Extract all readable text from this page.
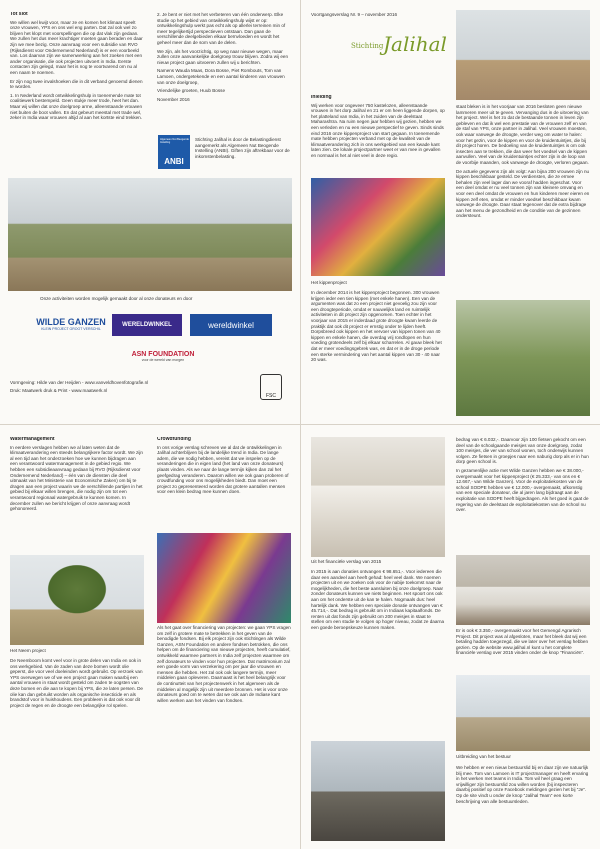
Tot slot

We willen wel kwijt voor, maar ze en komen het klimaat speelt onze vrouwen, YPS en ons wel eng parten. Dat zal ook wel zo blijven het klopt met voorspellingen die op dat vlak zijn gedaan. We zullen het dus meer krachtiger moeten gaan beraden en daar zijn we mee bezig. Onze aanvraag voor een subsidie van RVO (Rijksdienst voor Ondernemend Nederland) is er een voorbeeld van. Los daarvan zijn we samenwerking aan het zoeken met een ander organisatie, die ook projecten uitvoert in India. Eerste contacten zijn gelegd, maar het is nog te voortvarend om nu al een naam te noemen.

Er zijn nog twee invalshoeken die in dit verband genoemd dienen te worden.

1. In Nederland wordt ontwikkelingshulp in toenemende mate tot coalitiewerk bestempeld. Geen stukje meer trode, heet het dan. Maar wij willen dat onze doelgroep arme, alleenstaande vrouwen niet buiten de boot vallen. En dat gebeurt meestal met trade wel, zeker in India waar vrouwen altijd al aan het kortste eind trekken.

2. Je bent er niet met het verbeteren van één onderwerp. Elke studie op het gebied van ontwikkelingshulp wijst er op: ontwikkelingshulp werkt pas echt als op allerlei terreinen min of meer tegelijkertijd perspectieven ontstaan. Dan gaan de verschillende deelgebieden elkaar beïnvloeden en wordt het geheel meer dan de som van de delen.

We zijn, als het voorzichtig, op weg naar nieuwe wegen, maar zullen onze aanvankelijke doelgroep trouw blijven. Zodra wij een nieuw project gaan uitvoeren zullen wij u berichten.

Namens Wauda Maas, Dora Bosse, Piet Rombouts, Tom van Lamoen, ondergetekende en een aantal kinderen van vrouwen van onze doelgroep,

Vriendelijke groeten, Huub Bosse

November 2016

ANBI
Algemeen Nut Beogende Instelling

Stichting Jalihal is door de Belastingdienst aangemerkt als Algemeen Nut Beogende Instelling (ANBI). Giften zijn aftrekbaar voor de inkomstenbelasting.

Onze activiteiten worden mogelijk gemaakt door al onze donateurs en door
WILDE GANZEN
KLEIN PROJECT GROOT VERSCHIL
WERELDWINKEL	wereldwinkel
ASN FOUNDATION
voor de wereld van morgen
Vormgeving: Hilde van der Heijden - www.vanveldhovenfotografie.nl
Druk: Maatwerk druk & Print - www.maatwerk.nl
FSC
Voortgangsverslag Nr. 9 – november 2016
Stichting Jalihal
Inleiding

Wij werken voor ongeveer 750 kastelozen, alleenstaande vrouwen in het dorp Jalihal en 21 er om heen liggende dorpen, op het platteland van India, in het zuiden van de deelstaat Maharashtra. Na ruim negen jaar hebben wij gezien, hebben we een verleden en nu een nieuwe perspectief te geven. Sinds sinds eind 2016 onze kippenproject van start gegaan. In toenemende mate hebben projecten verband met op de kwaliteit van de klimaatverandering zich in ons werkgebied van een kwade kant laten zien. De lokale projectpartner weet er van mee in gevallen en normaal is het al niet veel in deze regio.

Het kippenproject

In december 2014 is het kippenproject begonnen. 300 vrouwen krijgen ieder een tien kippen (met enkele hanen). Een van de argumenten was dat zo een project niet gevoelig zou zijn voor een droogteperiode, omdat er nauwelijks land en ruimtelijk activiteiten in dit project zijn opgenomen. Toen echter in het voorjaar van 2015 er inderdaad grote droogte kwam leerde de praktijk dat ook dit project er ernstig onder te lijden heeft. Dorpsbreed ook kippen en het vervoer van kippen tonen van 40 kippen en enkele hanen, die overdag vrij rondlopen en hun voeding grotendeels zelf bij elkaar scharrelen. Al gauw bleek het dat er meer voedingsgebrek was, en dat er in de droge periode een sterke vermindering van het aantal kippen van 30 - 40 naar 20 was.

staat bleken is in het voorjaar van 2016 besloten geen nieuwe lammeren meer uit te geven. Vervanging dus in de uitvoering van het project. Wel is het zo dat de bestaande tonnen in leven zijn gebleven en dat ik wel een prestatie van de vrouwen zelf en van de staf van YPS, onze partner in Jalihal. Veel vrouwen moesten, ook waar vanwege de droogte, verder weg om water te halen: voor het gezin, voor de kippen en voor de kruidentuintjes, die bij dit project horen. De bedoeling van de kruidentuintjes is om ook insecten aan te trekken, die dan weer het voedsel van de kippen aanvullen. Veel van de kruidentuintjes echter zijn in de loop van de voorbije maanden, ook vanwege de droogte, verloren gegaan.

De actuele gegevens zijn als volgt: Aan bijna 200 vrouwen zijn nu kippen beschikbaar gesteld. De verdiensten, die ze ermee behalen zijn veel lager dan we vooraf hadden ingeschat. Voor een deel omdat er nu veel tonnen zijn van kleinere omvang en voor een deel omdat de vrouwen en hun kinderen meer eieren en kippen zelf eten, omdat er minder voedsel beschikbaar kwam vanwege de droogte. Daar staat tegenover dat de extra bijdrage aan het menu de gezondheid en de conditie van de gezinnen ondersteunt.

Watermanagement

In eerdere verslagen hebben we al laten weten dat de klimaatverandering een steeds belangrijkere factor wordt. We zijn al een tijd aan het onderzoeken hoe we kunnen bijdragen aan een verantwoord watermanagement in de gebied regio. We hebben een subsidieaanvraag gedaan bij RVO (Rijksdienst voor Ondernemend Nederland) – één van de diensten die deel uitmaakt van het Ministerie van Economische Zaken) om bij te dragen aan een project waarin we de verschillende partijen in het gebied bij elkaar willen brengen, die nodig zijn om tot een verantwoord regionaal watergebruik te kunnen komen. In december zullen we bericht krijgen of onze aanvraag wordt gehonoreerd.

Het Neem project

De Neemboom komt veel voor in grote delen van India en ook in ons werkgebied. Van de zaden van deze bomen wordt olie geperst, die voor veel doeleinden wordt gebruikt. Op verzoek van YPS overwegen we of we een project gaan maken waarbij een aantal vrouwen in staat wordt gesteld om zaden te oogsten van deze bomen en die aan te kopen bij YPS, die ze laten persen. De olie kan dan gebruikt worden als organische insecticide en als brandstof voor in huishoudens. Een probleem is dat ook voor dit project de regen en de droogte een belangrijke rol spelen.

Crowdfunding

In ons vorige verslag schreven we al dat de ontwikkelingen in Jalihal achterblijven bij de landelijke trend in India. De lange adem, die we nodig hebben, vereist dat we inspelen op de veranderingen die in eigen land (het land van onze donateurs) plaats vinden. Als we naar de lange termijn kijken dan zal het geefgedrag veranderen. Daarom willen we ook gaan proberen of crowdfunding voor ons mogelijkheden biedt. Dan moet een project zo gepresenteerd worden dat grotere aantallen mensen voor een klein bedrag mee kunnen doen.

Als het gaat over financiering van projecten: we gaan YPS vragen om zelf in grotere mate te betrekken in het geven van de benodigde fondsen. Bij elk project zijn ook stichtingen als Wilde Ganzen, ASN Foundation en andere fondsen betrokken, die ons helpen om de financiering van nieuwe projecten, heeft cumulatief, ontwikkeld waarmee partners in India zelf projecten waarmee om zelf donateurs te vinden voor hun projecten. Dat matrimonium zal een goede vorm van verzekering om per jaar die vrouwen en mensen die hebben. Het zal ook ook langere termijn, meer middelen gaan opleveren. Daarnaast is het heel belangrijk voor de continuïteit van het projectenwerk in het algemeen als de middelen al mogelijk zijn uit meerdere bronnen. Het is voor onze donateurs goed om te weten dat we ook aan de Indiase kant willen werken aan het vinden van fondsen.

Uit het financiële verslag van 2015

In 2015 is aan donaties ontvangen € 98.651,-. Voor iedereen die daar een aandeel aan heeft gehad: heel veel dank. We noemen projecten uit en we zoeken ook voor de nabije toekomst naar de mogelijkheden, die het beste aansluiten bij onze doelgroep. Naar zonder donateurs kunnen we niets beginnen. Het spoort ons ook aan om het onderste uit de kan te halen. Nogmaals dus: heel hartelijk dank. We hebben een speciale donatie ontvangen van € 45.714,-. Dat bedrag is gebruikt om in Indiaas kapitaalfonds. De renten uit dat fonds zijn gebruikt om 200 meisjes in staat te stellen om een studie te volgen op hoger niveau, zodat ze daarna een goede beroepskeuze kunnen maken.

bedrag van € 6.032,-. Daarvoor zijn 100 fietsen gekocht om een deel van de schoolgaande meisjes van onze doelgroep, zodat 100 meisjes, die ver van school wonen, toch onderwijs kunnen volgen. Ze fietsen in groepjes naar een naburig dorp als er in hun dorp geen school is.

In gezamenlijke actie met Wilde Ganzen hebben we € 38.000,- overgemaakt voor het kippenproject (€ 25.333,- van ons en € 12.667,- van Wilde Ganzen). Voor de exploitatiekosten van de school SODPE hebben we € 12.000,- overgemaakt, afkomstig van een speciale donateur, die al jaren lang bijdraagt aan de exploitatie van SODPE heeft bijgedragen. Als het goed is gaat de regering van de deelstaat de exploitatiekosten van de school nu over.

Er is ook € 3.350,- overgemaakt voor het Gemengd Agrarisch Project. Dit project was al afgesloten, maar het bleek dat wij een betaling hadden toegezegd, die we later over het verslag hebben gezien. Op de website www.jalihal.nl kunt u het complete financiële verslag over 2015 vinden onder de knop "Financiën".

Uitbreiding van het bestuur

We hebben er een nieuw bestuurslid bij en daar zijn we natuurlijk blij mee. Tom van Lamoen is IT projectmanager en heeft ervaring in het werken met teams in India. Tom wil heel graag een vrijwilliger zijn bestuurslid zou willen worden (bij inspecteren daarbij positief op onze Facebook meldingen gezien het bij "Je". Op de site vindt u onder de knop "Jalihal Team" een korte beschrijving van alle bestuursleden.
